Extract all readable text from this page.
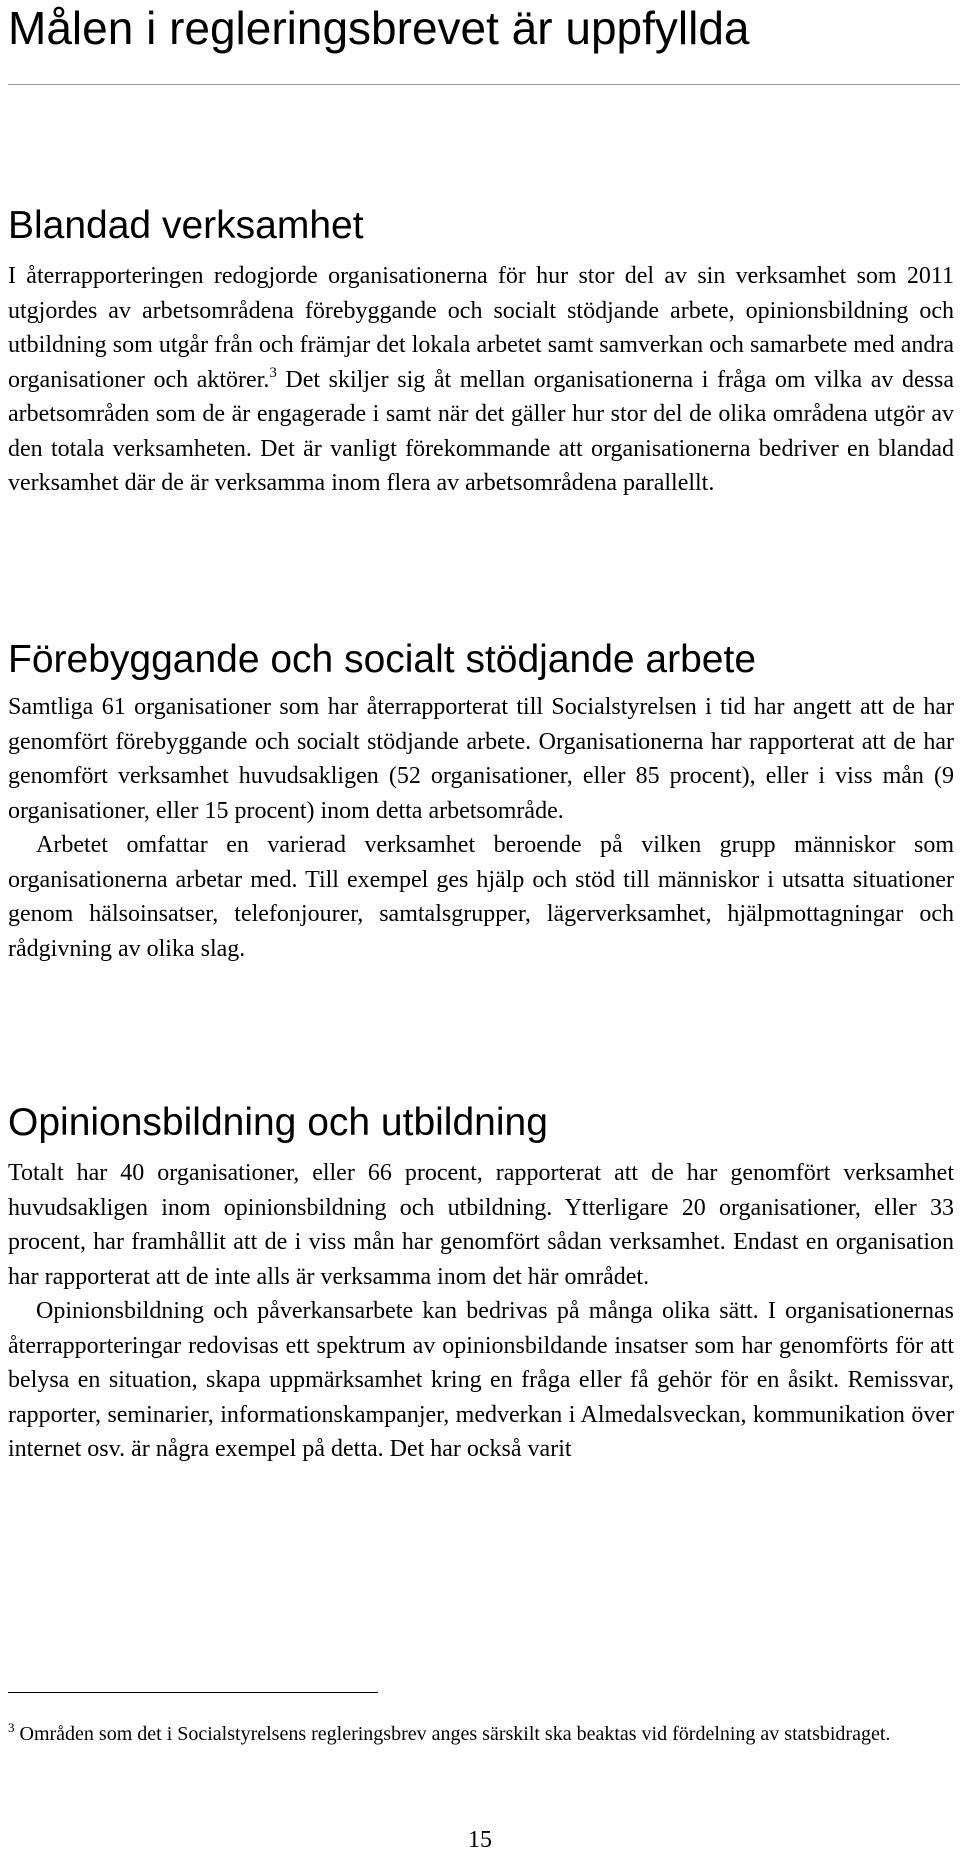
Målen i regleringsbrevet är uppfyllda
Blandad verksamhet

I återrapporteringen redogjorde organisationerna för hur stor del av sin verksamhet som 2011 utgjordes av arbetsområdena förebyggande och socialt stödjande arbete, opinionsbildning och utbildning som utgår från och främjar det lokala arbetet samt samverkan och samarbete med andra organisationer och aktörer.$^3$ Det skiljer sig åt mellan organisationerna i fråga om vilka av dessa arbetsområden som de är engagerade i samt när det gäller hur stor del de olika områdena utgör av den totala verksamheten. Det är vanligt förekommande att organisationerna bedriver en blandad verksamhet där de är verksamma inom flera av arbetsområdena parallellt.

Förebyggande och socialt stödjande arbete

Samtliga 61 organisationer som har återrapporterat till Socialstyrelsen i tid har angett att de har genomfört förebyggande och socialt stödjande arbete. Organisationerna har rapporterat att de har genomfört verksamhet huvudsakligen (52 organisationer, eller 85 procent), eller i viss mån (9 organisationer, eller 15 procent) inom detta arbetsområde.

Arbetet omfattar en varierad verksamhet beroende på vilken grupp människor som organisationerna arbetar med. Till exempel ges hjälp och stöd till människor i utsatta situationer genom hälsoinsatser, telefonjourer, samtalsgrupper, lägerverksamhet, hjälpmottagningar och rådgivning av olika slag.

Opinionsbildning och utbildning

Totalt har 40 organisationer, eller 66 procent, rapporterat att de har genomfört verksamhet huvudsakligen inom opinionsbildning och utbildning. Ytterligare 20 organisationer, eller 33 procent, har framhållit att de i viss mån har genomfört sådan verksamhet. Endast en organisation har rapporterat att de inte alls är verksamma inom det här området.

Opinionsbildning och påverkansarbete kan bedrivas på många olika sätt. I organisationernas återrapporteringar redovisas ett spektrum av opinionsbildande insatser som har genomförts för att belysa en situation, skapa uppmärksamhet kring en fråga eller få gehör för en åsikt. Remissvar, rapporter, seminarier, informationskampanjer, medverkan i Almedalsveckan, kommunikation över internet osv. är några exempel på detta. Det har också varit

$^3$ Områden som det i Socialstyrelsens regleringsbrev anges särskilt ska beaktas vid fördelning av statsbidraget.

15
